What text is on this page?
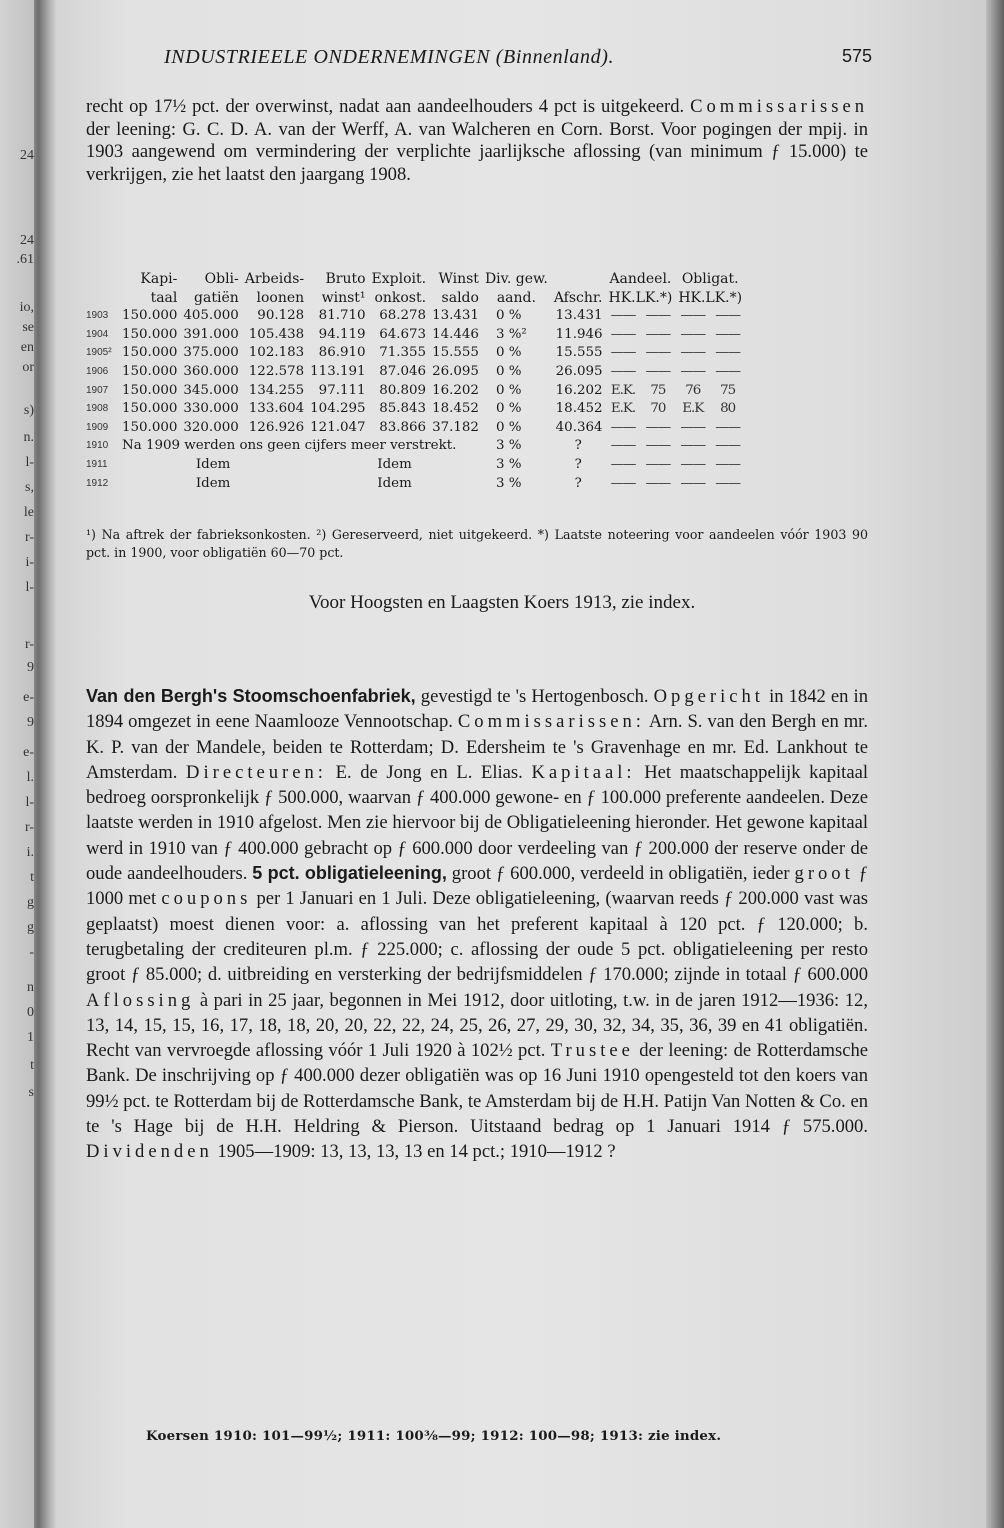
24
24
.61
io,
se
en
or
s)
n.
l-
s,
le
r-
i-
l-
r-
9
e-
9
e-
l.
l-
r-
i.
t
g
g
-
n
0
1
t
s
INDUSTRIEELE ONDERNEMINGEN (Binnenland).	575
recht op 17½ pct. der overwinst, nadat aan aandeelhouders 4 pct is uitgekeerd. Commissarissen der leening: G. C. D. A. van der Werff, A. van Walcheren en Corn. Borst. Voor pogingen der mpij. in 1903 aangewend om vermindering der verplichte jaarlijksche aflossing (van minimum ƒ 15.000) te verkrijgen, zie het laatst den jaargang 1908.
	Kapi-	Obli-	Arbeids-	Bruto	Exploit.	Winst	Div. gew.		Aandeel.		Obligat.	
	taal	gatiën	loonen	winst¹	onkost.	saldo	aand.	Afschr.	HK.LK.*)		HK.LK.*)	
1903	150.000	405.000	90.128	81.710	68.278	13.431	0 %	13.431	——	——	——	——
1904	150.000	391.000	105.438	94.119	64.673	14.446	3 %²	11.946	——	——	——	——
1905²	150.000	375.000	102.183	86.910	71.355	15.555	0 %	15.555	——	——	——	——
1906	150.000	360.000	122.578	113.191	87.046	26.095	0 %	26.095	——	——	——	——
1907	150.000	345.000	134.255	97.111	80.809	16.202	0 %	16.202	E.K.	75	76	75
1908	150.000	330.000	133.604	104.295	85.843	18.452	0 %	18.452	E.K.	70	E.K	80
1909	150.000	320.000	126.926	121.047	83.866	37.182	0 %	40.364	——	——	——	——
1910	Na 1909 werden ons geen cijfers meer verstrekt.						3 %	?	——	——	——	——
1911	Idem			Idem			3 %	?	——	——	——	——
1912	Idem			Idem			3 %	?	——	——	——	——
¹) Na aftrek der fabrieksonkosten. ²) Gereserveerd, niet uitgekeerd. *) Laatste noteering voor aandeelen vóór 1903 90 pct. in 1900, voor obligatiën 60—70 pct.
Voor Hoogsten en Laagsten Koers 1913, zie index.
Van den Bergh's Stoomschoenfabriek, gevestigd te 's Hertogenbosch. Opgericht in 1842 en in 1894 omgezet in eene Naamlooze Vennootschap. Commissarissen: Arn. S. van den Bergh en mr. K. P. van der Mandele, beiden te Rotterdam; D. Edersheim te 's Gravenhage en mr. Ed. Lankhout te Amsterdam. Directeuren: E. de Jong en L. Elias. Kapitaal: Het maatschappelijk kapitaal bedroeg oorspronkelijk ƒ 500.000, waarvan ƒ 400.000 gewone- en ƒ 100.000 preferente aandeelen. Deze laatste werden in 1910 afgelost. Men zie hiervoor bij de Obligatieleening hieronder. Het gewone kapitaal werd in 1910 van ƒ 400.000 gebracht op ƒ 600.000 door verdeeling van ƒ 200.000 der reserve onder de oude aandeelhouders. 5 pct. obligatieleening, groot ƒ 600.000, verdeeld in obligatiën, ieder groot ƒ 1000 met coupons per 1 Januari en 1 Juli. Deze obligatieleening, (waarvan reeds ƒ 200.000 vast was geplaatst) moest dienen voor: a. aflossing van het preferent kapitaal à 120 pct. ƒ 120.000; b. terugbetaling der crediteuren pl.m. ƒ 225.000; c. aflossing der oude 5 pct. obligatieleening per resto groot ƒ 85.000; d. uitbreiding en versterking der bedrijfsmiddelen ƒ 170.000; zijnde in totaal ƒ 600.000 Aflossing à pari in 25 jaar, begonnen in Mei 1912, door uitloting, t.w. in de jaren 1912—1936: 12, 13, 14, 15, 15, 16, 17, 18, 18, 20, 20, 22, 22, 24, 25, 26, 27, 29, 30, 32, 34, 35, 36, 39 en 41 obligatiën. Recht van vervroegde aflossing vóór 1 Juli 1920 à 102½ pct. Trustee der leening: de Rotterdamsche Bank. De inschrijving op ƒ 400.000 dezer obligatiën was op 16 Juni 1910 opengesteld tot den koers van 99½ pct. te Rotterdam bij de Rotterdamsche Bank, te Amsterdam bij de H.H. Patijn Van Notten & Co. en te 's Hage bij de H.H. Heldring & Pierson. Uitstaand bedrag op 1 Januari 1914 ƒ 575.000. Dividenden 1905—1909: 13, 13, 13, 13 en 14 pct.; 1910—1912 ?
Koersen 1910: 101—99½; 1911: 100⅜—99; 1912: 100—98; 1913: zie index.
